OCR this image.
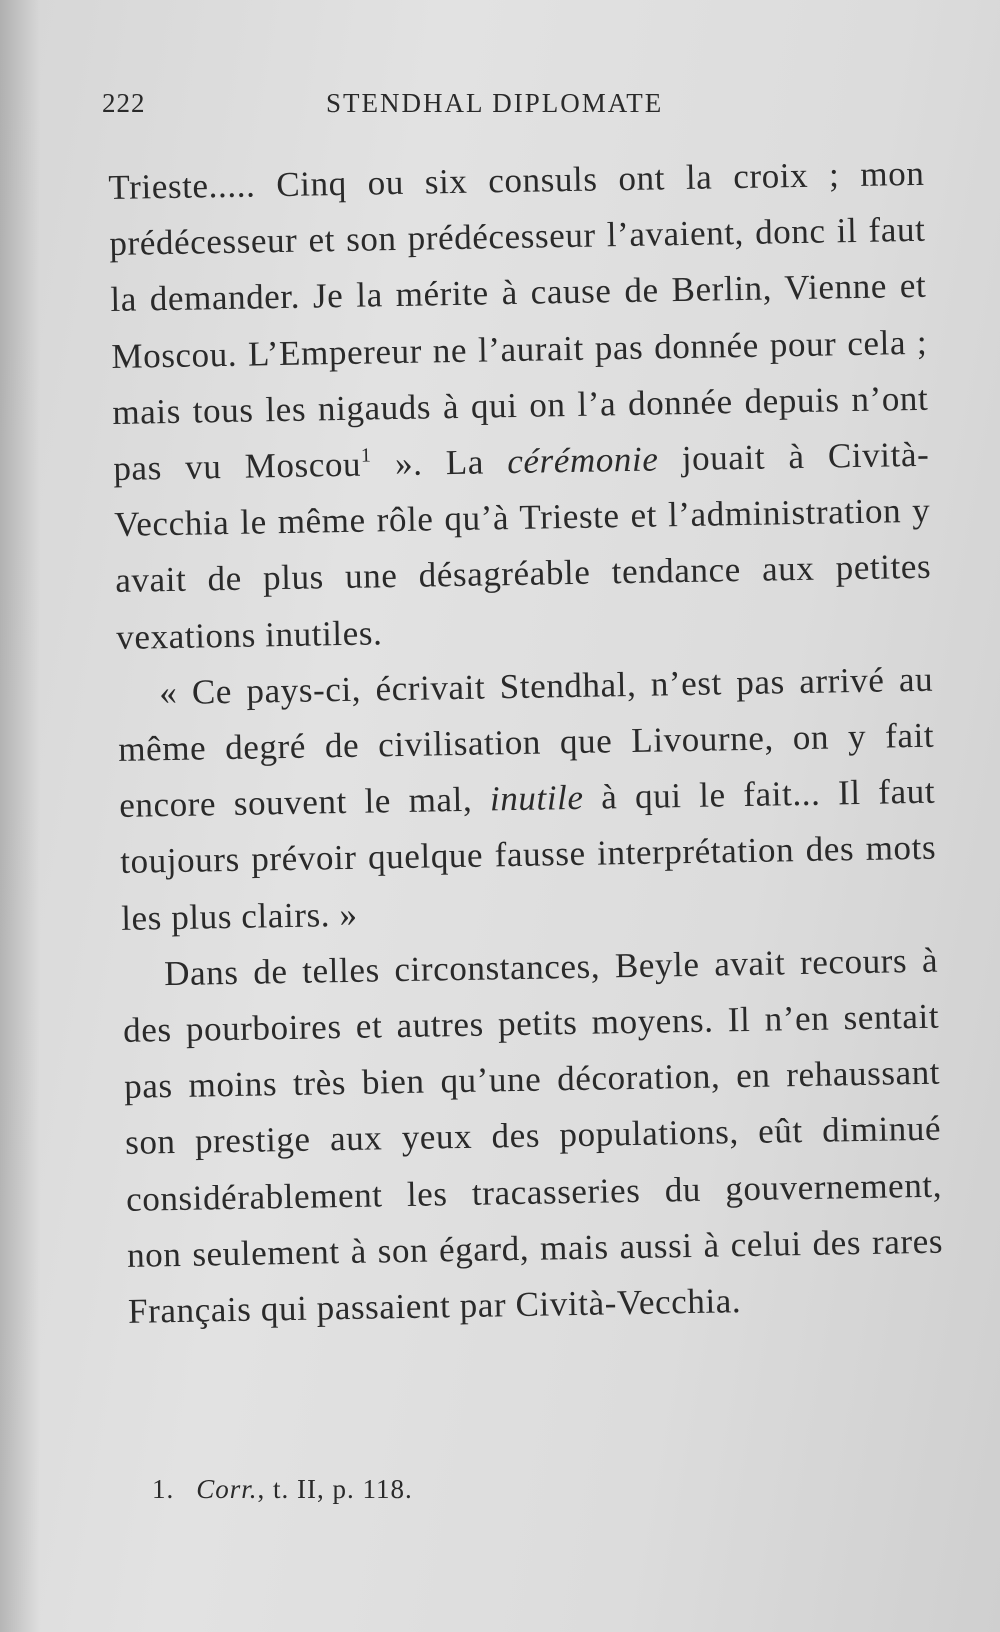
222	STENDHAL DIPLOMATE

Trieste..... Cinq ou six consuls ont la croix ; mon prédécesseur et son prédécesseur l’avaient, donc il faut la demander. Je la mérite à cause de Berlin, Vienne et Moscou. L’Empereur ne l’aurait pas donnée pour cela ; mais tous les nigauds à qui on l’a donnée depuis n’ont pas vu Moscou$^1$ ». La cérémonie jouait à Cività-Vecchia le même rôle qu’à Trieste et l’administration y avait de plus une désagréable tendance aux petites vexations inutiles.

« Ce pays-ci, écrivait Stendhal, n’est pas arrivé au même degré de civilisation que Livourne, on y fait encore souvent le mal, inutile à qui le fait... Il faut toujours prévoir quelque fausse interprétation des mots les plus clairs. »

Dans de telles circonstances, Beyle avait recours à des pourboires et autres petits moyens. Il n’en sentait pas moins très bien qu’une décoration, en rehaussant son prestige aux yeux des populations, eût diminué considérablement les tracasseries du gouvernement, non seulement à son égard, mais aussi à celui des rares Français qui passaient par Cività-Vecchia.

1. Corr., t. II, p. 118.
